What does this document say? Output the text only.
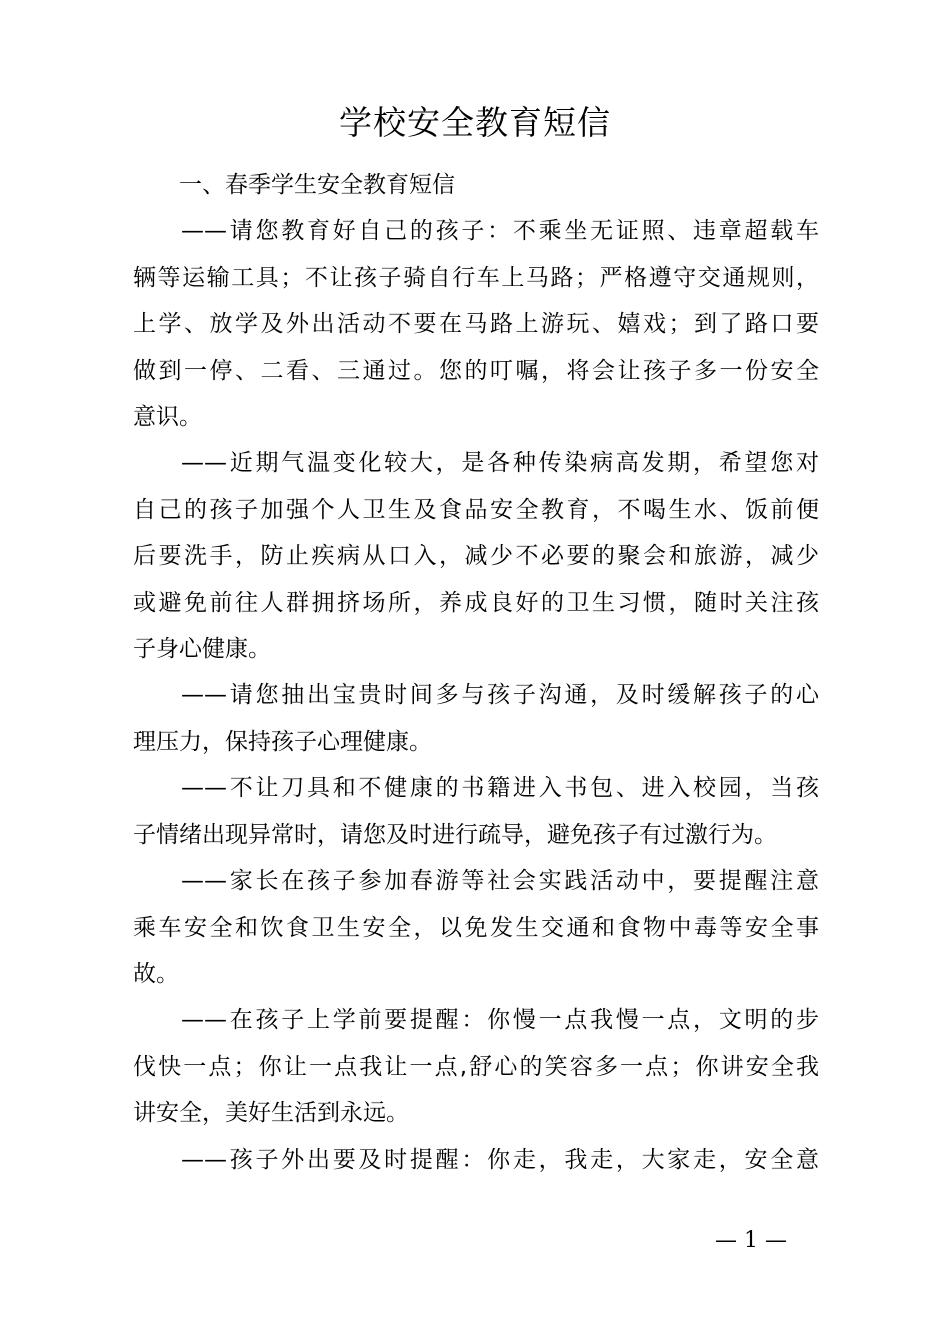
学校安全教育短信

一、春季学生安全教育短信

——请您教育好自己的孩子：不乘坐无证照、违章超载车
辆等运输工具；不让孩子骑自行车上马路；严格遵守交通规则，
上学、放学及外出活动不要在马路上游玩、嬉戏；到了路口要
做到一停、二看、三通过。您的叮嘱，将会让孩子多一份安全
意识。
——近期气温变化较大，是各种传染病高发期，希望您对
自己的孩子加强个人卫生及食品安全教育，不喝生水、饭前便
后要洗手，防止疾病从口入，减少不必要的聚会和旅游，减少
或避免前往人群拥挤场所，养成良好的卫生习惯，随时关注孩
子身心健康。
——请您抽出宝贵时间多与孩子沟通，及时缓解孩子的心
理压力，保持孩子心理健康。
——不让刀具和不健康的书籍进入书包、进入校园，当孩
子情绪出现异常时，请您及时进行疏导，避免孩子有过激行为。
——家长在孩子参加春游等社会实践活动中，要提醒注意
乘车安全和饮食卫生安全，以免发生交通和食物中毒等安全事
故。
——在孩子上学前要提醒：你慢一点我慢一点，文明的步
伐快一点；你让一点我让一点,舒心的笑容多一点；你讲安全我
讲安全，美好生活到永远。
——孩子外出要及时提醒：你走，我走，大家走，安全意
— 1 —
